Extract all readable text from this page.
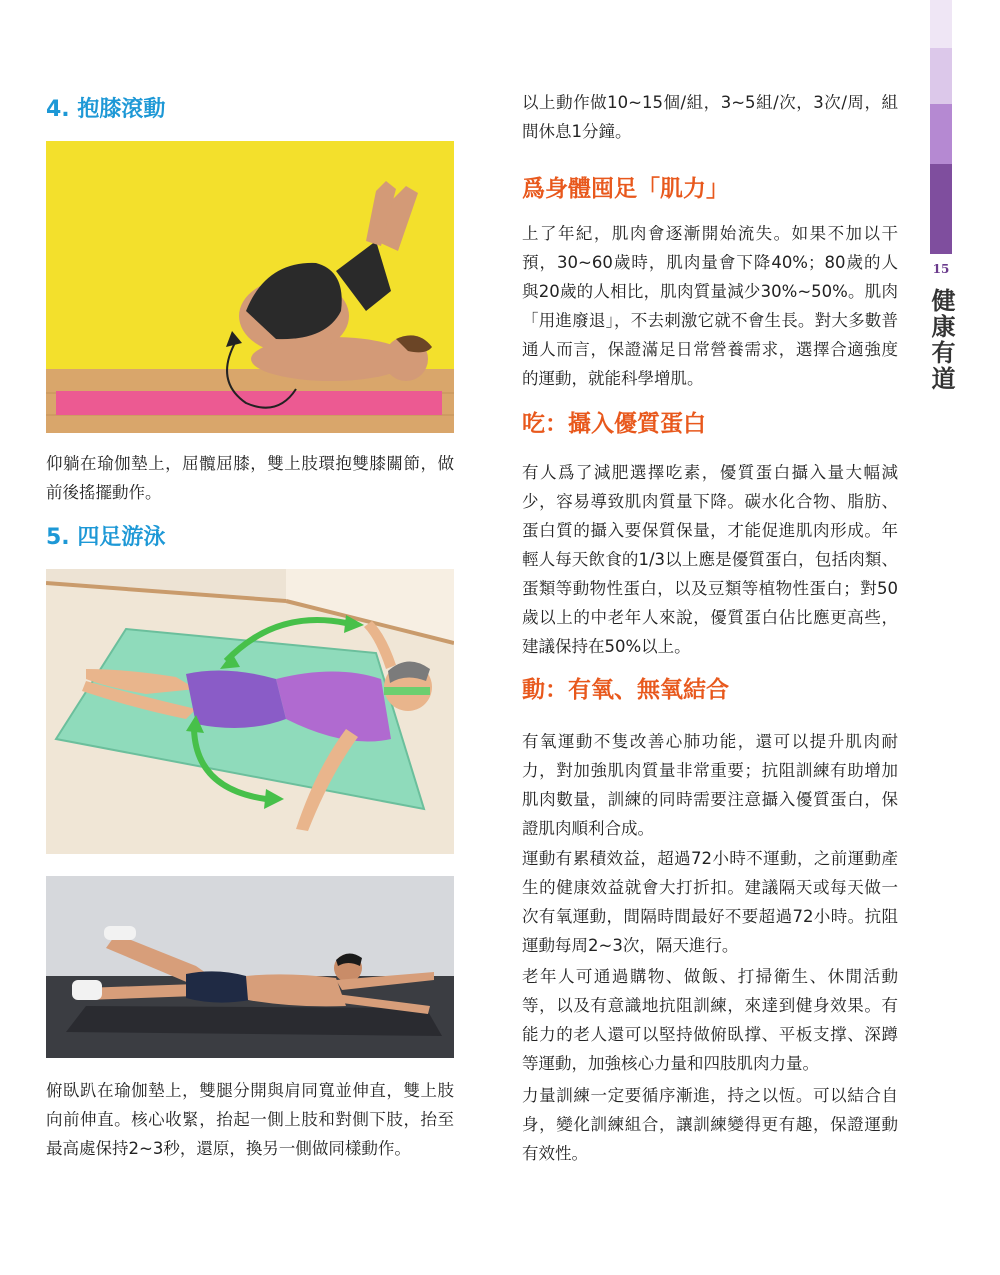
15
健康有道
4. 抱膝滾動

仰躺在瑜伽墊上，屈髖屈膝，雙上肢環抱雙膝關節，做前後搖擺動作。

5. 四足游泳

俯臥趴在瑜伽墊上，雙腿分開與肩同寬並伸直，雙上肢向前伸直。核心收緊，抬起一側上肢和對側下肢，抬至最高處保持2~3秒，還原，換另一側做同樣動作。

以上動作做10~15個/組，3~5組/次，3次/周，組間休息1分鐘。

爲身體囤足「肌力」

上了年紀，肌肉會逐漸開始流失。如果不加以干預，30~60歲時，肌肉量會下降40%；80歲的人與20歲的人相比，肌肉質量減少30%~50%。肌肉「用進廢退」，不去刺激它就不會生長。對大多數普通人而言，保證滿足日常營養需求，選擇合適強度的運動，就能科學增肌。

吃：攝入優質蛋白

有人爲了減肥選擇吃素，優質蛋白攝入量大幅減少，容易導致肌肉質量下降。碳水化合物、脂肪、蛋白質的攝入要保質保量，才能促進肌肉形成。年輕人每天飲食的1/3以上應是優質蛋白，包括肉類、蛋類等動物性蛋白，以及豆類等植物性蛋白；對50歲以上的中老年人來說，優質蛋白佔比應更高些，建議保持在50%以上。

動：有氧、無氧結合

有氧運動不隻改善心肺功能，還可以提升肌肉耐力，對加強肌肉質量非常重要；抗阻訓練有助增加肌肉數量，訓練的同時需要注意攝入優質蛋白，保證肌肉順利合成。

運動有累積效益，超過72小時不運動，之前運動產生的健康效益就會大打折扣。建議隔天或每天做一次有氧運動，間隔時間最好不要超過72小時。抗阻運動每周2~3次，隔天進行。

老年人可通過購物、做飯、打掃衛生、休閒活動等，以及有意識地抗阻訓練，來達到健身效果。有能力的老人還可以堅持做俯臥撑、平板支撑、深蹲等運動，加強核心力量和四肢肌肉力量。

力量訓練一定要循序漸進，持之以恆。可以結合自身，變化訓練組合，讓訓練變得更有趣，保證運動有效性。
